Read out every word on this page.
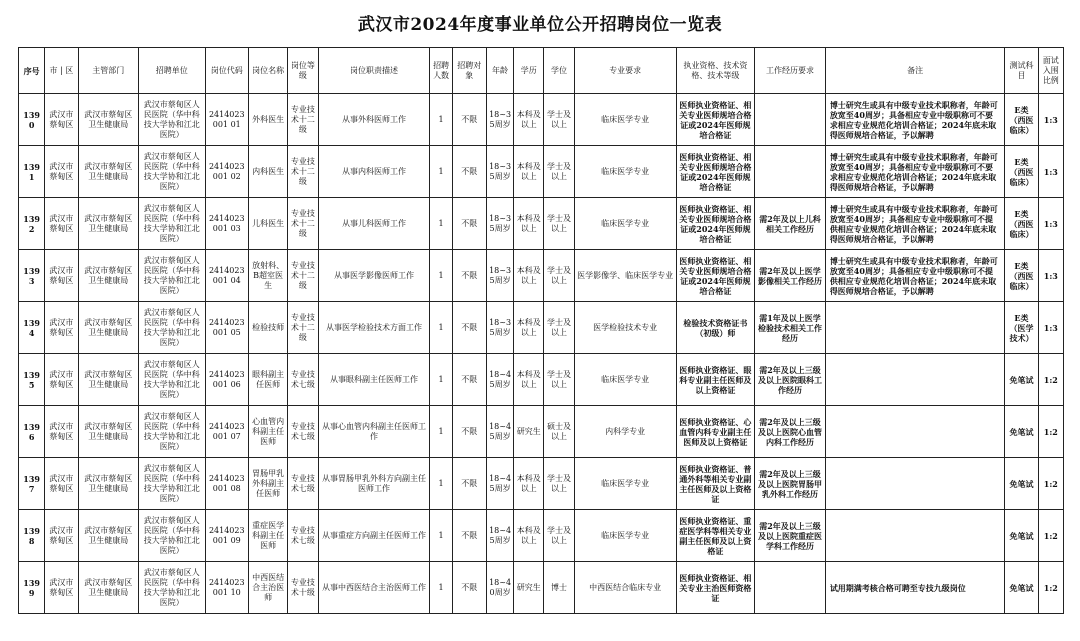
武汉市2024年度事业单位公开招聘岗位一览表
序号	市 | 区	主管部门	招聘单位	岗位代码	岗位名称	岗位等级	岗位职责描述	招聘人数	招聘对象	年龄	学历	学位	专业要求	执业资格、技术资格、技术等级	工作经历要求	备注	测试科目	面试入围比例
1390	武汉市蔡甸区	武汉市蔡甸区卫生健康局	武汉市蔡甸区人民医院（华中科技大学协和江北医院）	2414023001 01	外科医生	专业技术十二级	从事外科医师工作	1	不限	18~35周岁	本科及以上	学士及以上	临床医学专业	医师执业资格证、相关专业医师规培合格证或2024年医师规培合格证		博士研究生或具有中级专业技术职称者，年龄可放宽至40周岁；具备相应专业中级职称可不要求相应专业规范化培训合格证；2024年底未取得医师规培合格证，予以解聘	E类（西医临床）	1:3
1391	武汉市蔡甸区	武汉市蔡甸区卫生健康局	武汉市蔡甸区人民医院（华中科技大学协和江北医院）	2414023001 02	内科医生	专业技术十二级	从事内科医师工作	1	不限	18~35周岁	本科及以上	学士及以上	临床医学专业	医师执业资格证、相关专业医师规培合格证或2024年医师规培合格证		博士研究生或具有中级专业技术职称者，年龄可放宽至40周岁；具备相应专业中级职称可不要求相应专业规范化培训合格证；2024年底未取得医师规培合格证，予以解聘	E类（西医临床）	1:3
1392	武汉市蔡甸区	武汉市蔡甸区卫生健康局	武汉市蔡甸区人民医院（华中科技大学协和江北医院）	2414023001 03	儿科医生	专业技术十二级	从事儿科医师工作	1	不限	18~35周岁	本科及以上	学士及以上	临床医学专业	医师执业资格证、相关专业医师规培合格证或2024年医师规培合格证	需2年及以上儿科相关工作经历	博士研究生或具有中级专业技术职称者，年龄可放宽至40周岁；具备相应专业中级职称可不提供相应专业规范化培训合格证；2024年底未取得医师规培合格证，予以解聘	E类（西医临床）	1:3
1393	武汉市蔡甸区	武汉市蔡甸区卫生健康局	武汉市蔡甸区人民医院（华中科技大学协和江北医院）	2414023001 04	放射科、B超室医生	专业技术十二级	从事医学影像医师工作	1	不限	18~35周岁	本科及以上	学士及以上	医学影像学、临床医学专业	医师执业资格证、相关专业医师规培合格证或2024年医师规培合格证	需2年及以上医学影像相关工作经历	博士研究生或具有中级专业技术职称者，年龄可放宽至40周岁；具备相应专业中级职称可不提供相应专业规范化培训合格证；2024年底未取得医师规培合格证，予以解聘	E类（西医临床）	1:3
1394	武汉市蔡甸区	武汉市蔡甸区卫生健康局	武汉市蔡甸区人民医院（华中科技大学协和江北医院）	2414023001 05	检验技师	专业技术十二级	从事医学检验技术方面工作	1	不限	18~35周岁	本科及以上	学士及以上	医学检验技术专业	检验技术资格证书（初级）师	需1年及以上医学检验技术相关工作经历		E类（医学技术）	1:3
1395	武汉市蔡甸区	武汉市蔡甸区卫生健康局	武汉市蔡甸区人民医院（华中科技大学协和江北医院）	2414023001 06	眼科副主任医师	专业技术七级	从事眼科副主任医师工作	1	不限	18~45周岁	本科及以上	学士及以上	临床医学专业	医师执业资格证、眼科专业副主任医师及以上资格证	需2年及以上三级及以上医院眼科工作经历		免笔试	1:2
1396	武汉市蔡甸区	武汉市蔡甸区卫生健康局	武汉市蔡甸区人民医院（华中科技大学协和江北医院）	2414023001 07	心血管内科副主任医师	专业技术七级	从事心血管内科副主任医师工作	1	不限	18~45周岁	研究生	硕士及以上	内科学专业	医师执业资格证、心血管内科专业副主任医师及以上资格证	需2年及以上三级及以上医院心血管内科工作经历		免笔试	1:2
1397	武汉市蔡甸区	武汉市蔡甸区卫生健康局	武汉市蔡甸区人民医院（华中科技大学协和江北医院）	2414023001 08	胃肠甲乳外科副主任医师	专业技术七级	从事胃肠甲乳外科方向副主任医师工作	1	不限	18~45周岁	本科及以上	学士及以上	临床医学专业	医师执业资格证、普通外科等相关专业副主任医师及以上资格证	需2年及以上三级及以上医院胃肠甲乳外科工作经历		免笔试	1:2
1398	武汉市蔡甸区	武汉市蔡甸区卫生健康局	武汉市蔡甸区人民医院（华中科技大学协和江北医院）	2414023001 09	重症医学科副主任医师	专业技术七级	从事重症方向副主任医师工作	1	不限	18~45周岁	本科及以上	学士及以上	临床医学专业	医师执业资格证、重症医学科等相关专业副主任医师及以上资格证	需2年及以上三级及以上医院重症医学科工作经历		免笔试	1:2
1399	武汉市蔡甸区	武汉市蔡甸区卫生健康局	武汉市蔡甸区人民医院（华中科技大学协和江北医院）	2414023001 10	中西医结合主治医师	专业技术十级	从事中西医结合主治医师工作	1	不限	18~40周岁	研究生	博士	中西医结合临床专业	医师执业资格证、相关专业主治医师资格证		试用期满考核合格可聘至专技九级岗位	免笔试	1:2
